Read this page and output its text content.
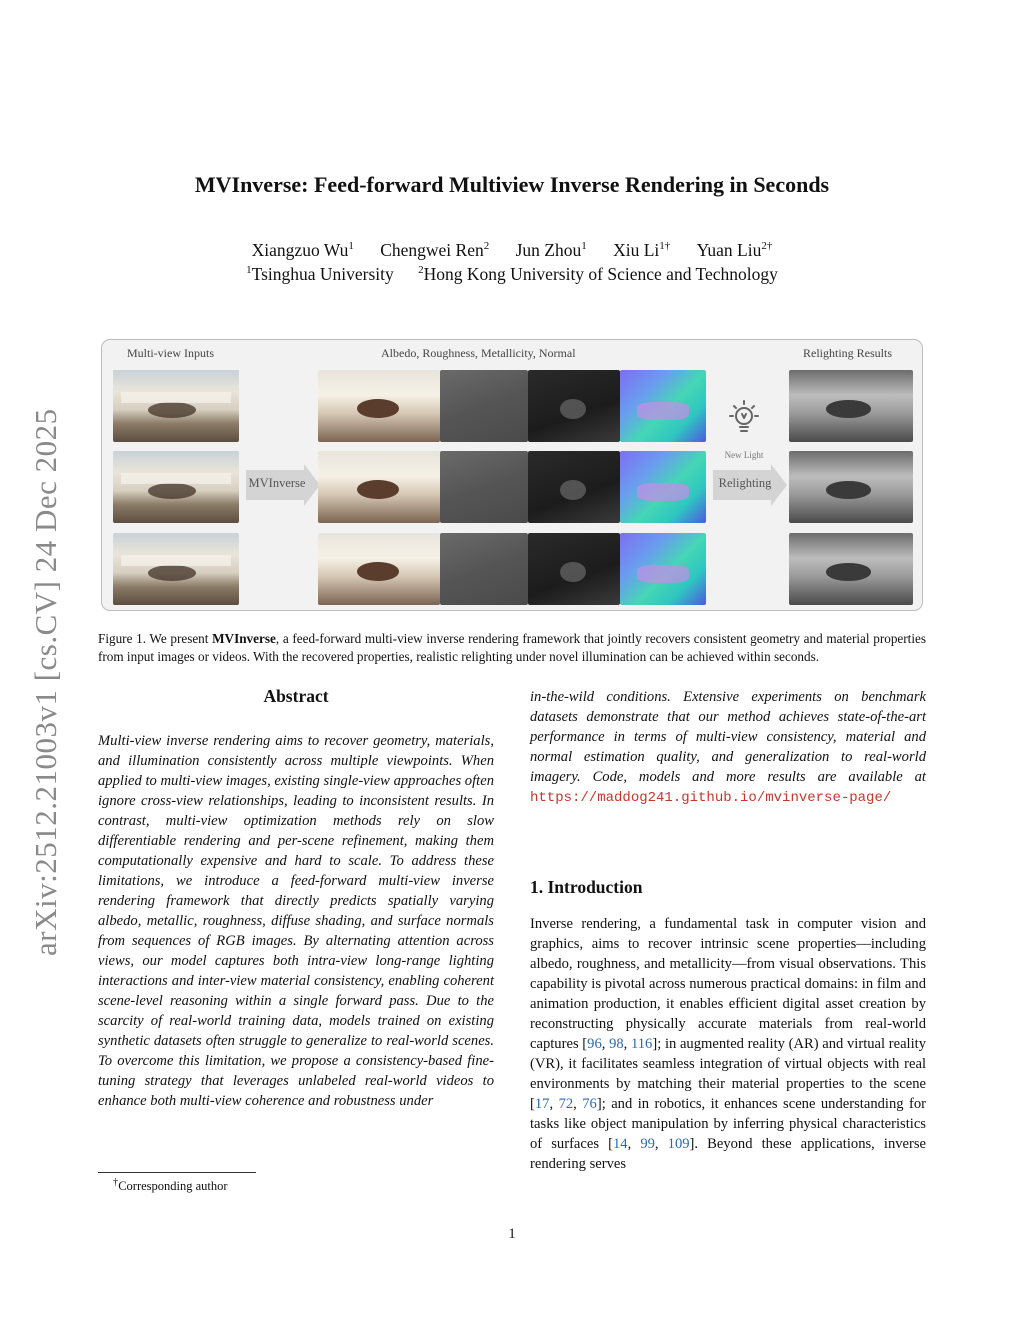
arXiv:2512.21003v1 [cs.CV] 24 Dec 2025
MVInverse: Feed-forward Multiview Inverse Rendering in Seconds
Xiangzuo Wu$^1$ Chengwei Ren$^2$ Jun Zhou$^1$ Xiu $Li^{1\dagger}$ Yuan Liu$^{2\dagger}$
$^1$Tsinghua University $^2$Hong Kong University of Science and Technology
Multi-view Inputs	Albedo, Roughness, Metallicity, Normal	Relighting Results
MVInverse
New Light
Relighting
Figure 1. We present MVInverse, a feed-forward multi-view inverse rendering framework that jointly recovers consistent geometry and material properties from input images or videos. With the recovered properties, realistic relighting under novel illumination can be achieved within seconds.
Abstract
Multi-view inverse rendering aims to recover geometry, materials, and illumination consistently across multiple viewpoints. When applied to multi-view images, existing single-view approaches often ignore cross-view relationships, leading to inconsistent results. In contrast, multi-view optimization methods rely on slow differentiable rendering and per-scene refinement, making them computationally expensive and hard to scale. To address these limitations, we introduce a feed-forward multi-view inverse rendering framework that directly predicts spatially varying albedo, metallic, roughness, diffuse shading, and surface normals from sequences of RGB images. By alternating attention across views, our model captures both intra-view long-range lighting interactions and inter-view material consistency, enabling coherent scene-level reasoning within a single forward pass. Due to the scarcity of real-world training data, models trained on existing synthetic datasets often struggle to generalize to real-world scenes. To overcome this limitation, we propose a consistency-based fine-tuning strategy that leverages unlabeled real-world videos to enhance both multi-view coherence and robustness under
in-the-wild conditions. Extensive experiments on benchmark datasets demonstrate that our method achieves state-of-the-art performance in terms of multi-view consistency, material and normal estimation quality, and generalization to real-world imagery. Code, models and more results are available at https://maddog241.github.io/mvinverse-page/
1. Introduction
Inverse rendering, a fundamental task in computer vision and graphics, aims to recover intrinsic scene properties—including albedo, roughness, and metallicity—from visual observations. This capability is pivotal across numerous practical domains: in film and animation production, it enables efficient digital asset creation by reconstructing physically accurate materials from real-world captures [96, 98, 116]; in augmented reality (AR) and virtual reality (VR), it facilitates seamless integration of virtual objects with real environments by matching their material properties to the scene [17, 72, 76]; and in robotics, it enhances scene understanding for tasks like object manipulation by inferring physical characteristics of surfaces [14, 99, 109]. Beyond these applications, inverse rendering serves
†Corresponding author
1
